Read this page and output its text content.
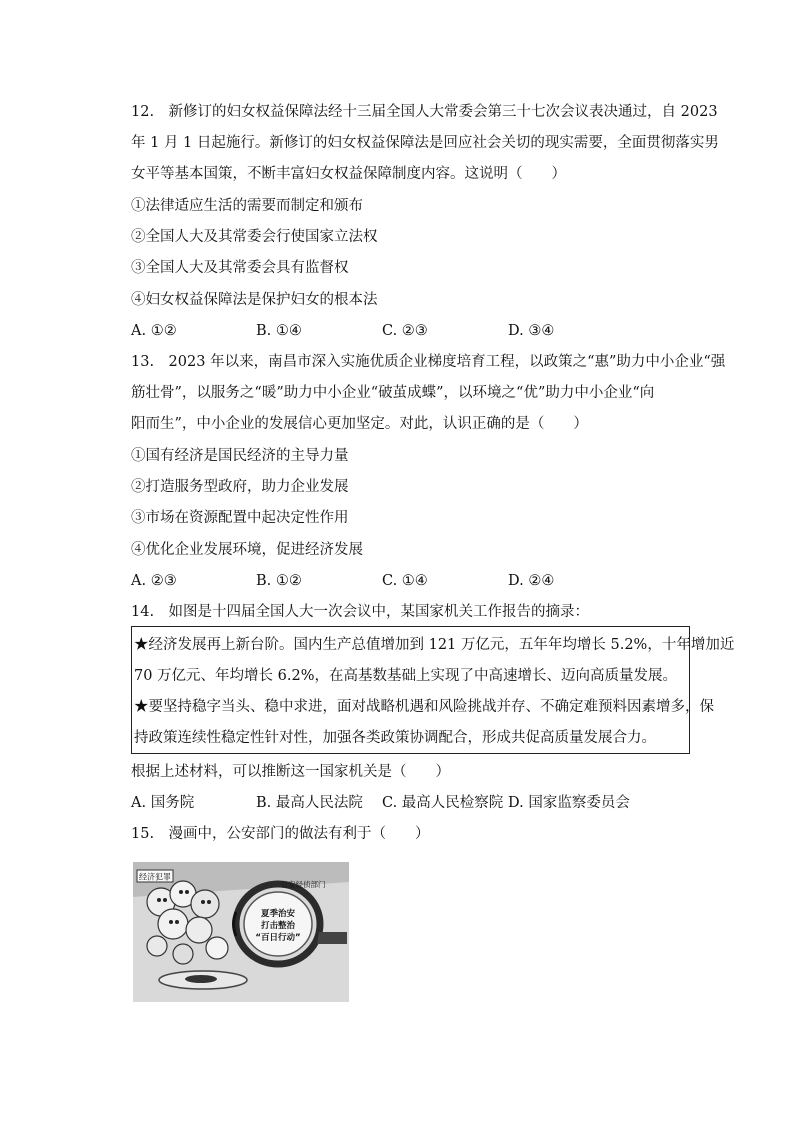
12.　新修订的妇女权益保障法经十三届全国人大常委会第三十七次会议表决通过，自 2023
年 1 月 1 日起施行。新修订的妇女权益保障法是回应社会关切的现实需要，全面贯彻落实男
女平等基本国策，不断丰富妇女权益保障制度内容。这说明（　　）
①法律适应生活的需要而制定和颁布
②全国人大及其常委会行使国家立法权
③全国人大及其常委会具有监督权
④妇女权益保障法是保护妇女的根本法
A. ①②	B. ①④	C. ②③	D. ③④
13.　2023 年以来，南昌市深入实施优质企业梯度培育工程，以政策之“惠”助力中小企业“强
筋壮骨”，以服务之“暖”助力中小企业“破茧成蝶”，以环境之“优”助力中小企业“向
阳而生”，中小企业的发展信心更加坚定。对此，认识正确的是（　　）
①国有经济是国民经济的主导力量
②打造服务型政府，助力企业发展
③市场在资源配置中起决定性作用
④优化企业发展环境，促进经济发展
A. ②③	B. ①②	C. ①④	D. ②④
14.　如图是十四届全国人大一次会议中，某国家机关工作报告的摘录：
★经济发展再上新台阶。国内生产总值增加到 121 万亿元，五年年均增长 5.2%，十年增加近
70 万亿元、年均增长 6.2%，在高基数基础上实现了中高速增长、迈向高质量发展。
★要坚持稳字当头、稳中求进，面对战略机遇和风险挑战并存、不确定难预料因素增多，保
持政策连续性稳定性针对性，加强各类政策协调配合，形成共促高质量发展合力。
根据上述材料，可以推断这一国家机关是（　　）
A. 国务院	B. 最高人民法院 C. 最高人民检察院 D. 国家监察委员会
15.　漫画中，公安部门的做法有利于（　　）
经济犯罪
公安经侦部门
夏季治安
打击整治
“百日行动”
